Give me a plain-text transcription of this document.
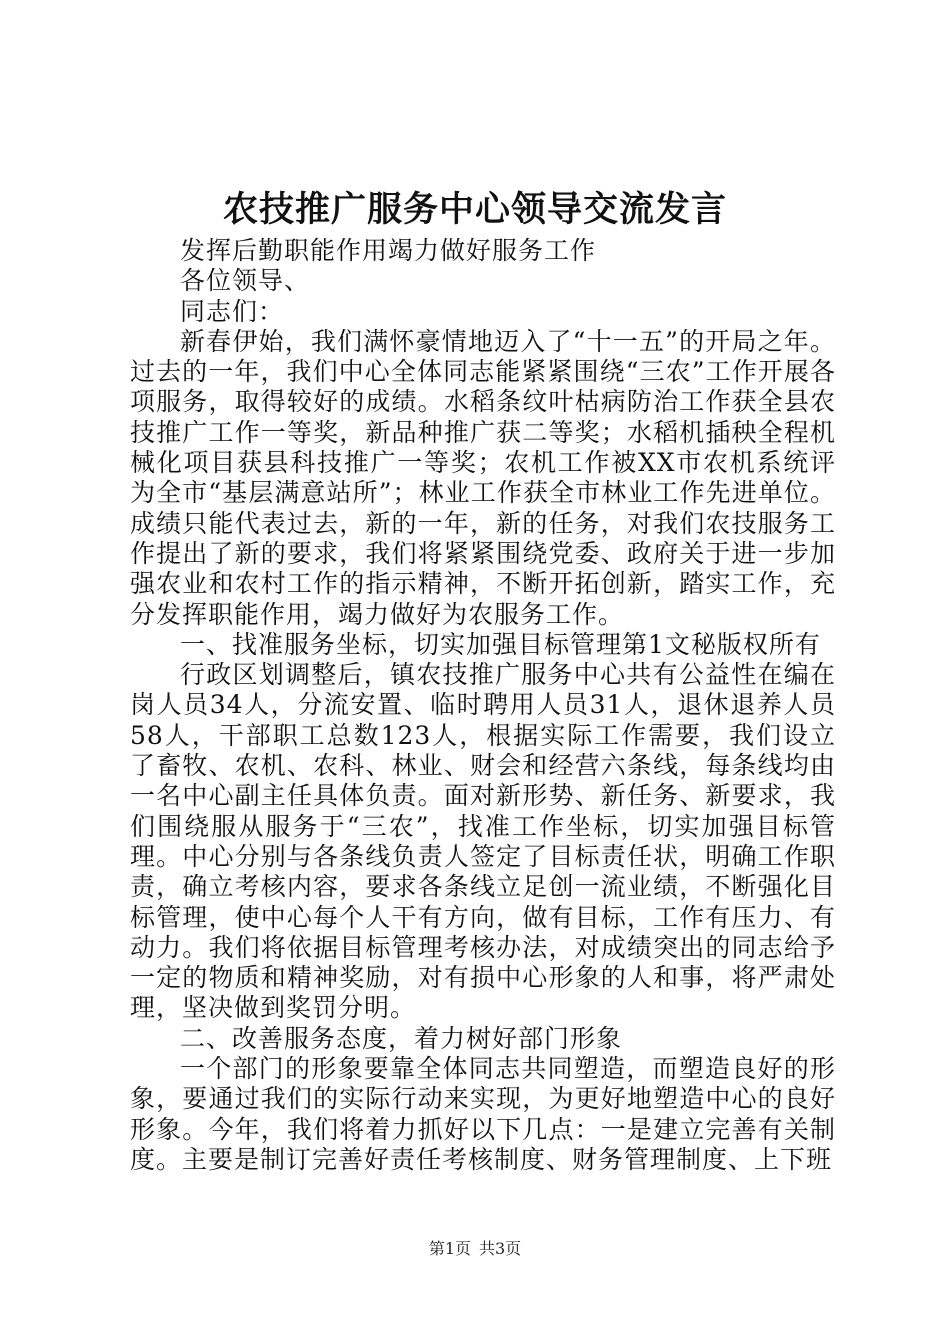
农技推广服务中心领导交流发言

发挥后勤职能作用竭力做好服务工作

各位领导、

同志们：

新春伊始，我们满怀豪情地迈入了“十一五”的开局之年。过去的一年，我们中心全体同志能紧紧围绕“三农”工作开展各项服务，取得较好的成绩。水稻条纹叶枯病防治工作获全县农技推广工作一等奖，新品种推广获二等奖；水稻机插秧全程机械化项目获县科技推广一等奖；农机工作被XX市农机系统评为全市“基层满意站所”；林业工作获全市林业工作先进单位。成绩只能代表过去，新的一年，新的任务，对我们农技服务工作提出了新的要求，我们将紧紧围绕党委、政府关于进一步加强农业和农村工作的指示精神，不断开拓创新，踏实工作，充分发挥职能作用，竭力做好为农服务工作。

一、找准服务坐标，切实加强目标管理第1文秘版权所有

行政区划调整后，镇农技推广服务中心共有公益性在编在岗人员34人，分流安置、临时聘用人员31人，退休退养人员58人，干部职工总数123人，根据实际工作需要，我们设立了畜牧、农机、农科、林业、财会和经营六条线，每条线均由一名中心副主任具体负责。面对新形势、新任务、新要求，我们围绕服从服务于“三农”，找准工作坐标，切实加强目标管理。中心分别与各条线负责人签定了目标责任状，明确工作职责，确立考核内容，要求各条线立足创一流业绩，不断强化目标管理，使中心每个人干有方向，做有目标，工作有压力、有动力。我们将依据目标管理考核办法，对成绩突出的同志给予一定的物质和精神奖励，对有损中心形象的人和事，将严肃处理，坚决做到奖罚分明。

二、改善服务态度，着力树好部门形象

一个部门的形象要靠全体同志共同塑造，而塑造良好的形象，要通过我们的实际行动来实现，为更好地塑造中心的良好形象。今年，我们将着力抓好以下几点：一是建立完善有关制度。主要是制订完善好责任考核制度、财务管理制度、上下班

第1页 共3页
